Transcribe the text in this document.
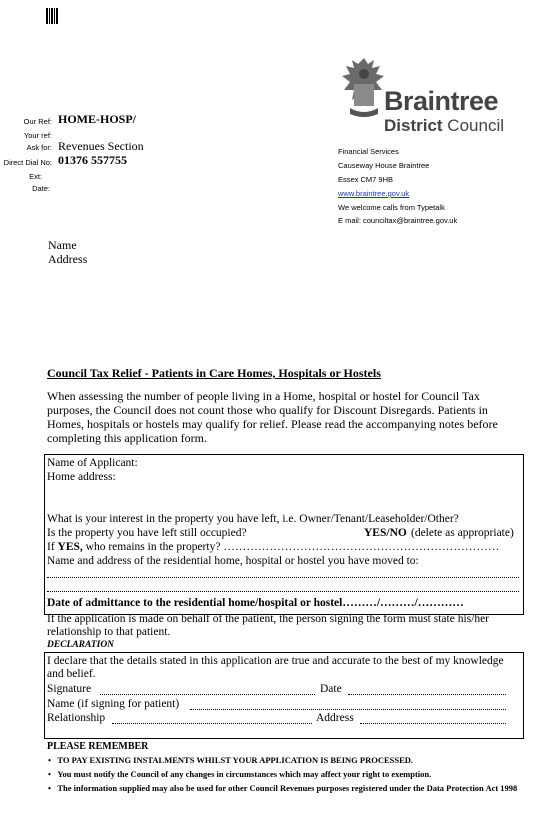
Braintree
District Council
Our Ref: HOME-HOSP/
Your ref:
Ask for: Revenues Section
Direct Dial No: 01376 557755
Ext:
Date:
Financial Services
Causeway House Braintree
Essex CM7 9HB
www.braintree.gov.uk
We welcome calls from Typetalk
E mail: counciltax@braintree.gov.uk
Name
Address
Council Tax Relief - Patients in Care Homes, Hospitals or Hostels
When assessing the number of people living in a Home, hospital or hostel for Council Tax purposes, the Council does not count those who qualify for Discount Disregards. Patients in Homes, hospitals or hostels may qualify for relief. Please read the accompanying notes before completing this application form.
Name of Applicant:
Home address:
What is your interest in the property you have left, i.e. Owner/Tenant/Leaseholder/Other?
Is the property you have left still occupied?	YES/NO (delete as appropriate)
If YES, who remains in the property? ………………………………………………………………
Name and address of the residential home, hospital or hostel you have moved to:
Date of admittance to the residential home/hospital or hostel………/………/…………
If the application is made on behalf of the patient, the person signing the form must state his/her relationship to that patient.
DECLARATION
I declare that the details stated in this application are true and accurate to the best of my knowledge and belief.
Signature	Date
Name (if signing for patient)
Relationship	Address
PLEASE REMEMBER
•   TO PAY EXISTING INSTALMENTS WHILST YOUR APPLICATION IS BEING PROCESSED.
•   You must notify the Council of any changes in circumstances which may affect your right to exemption.
•   The information supplied may also be used for other Council Revenues purposes registered under the Data Protection Act 1998
